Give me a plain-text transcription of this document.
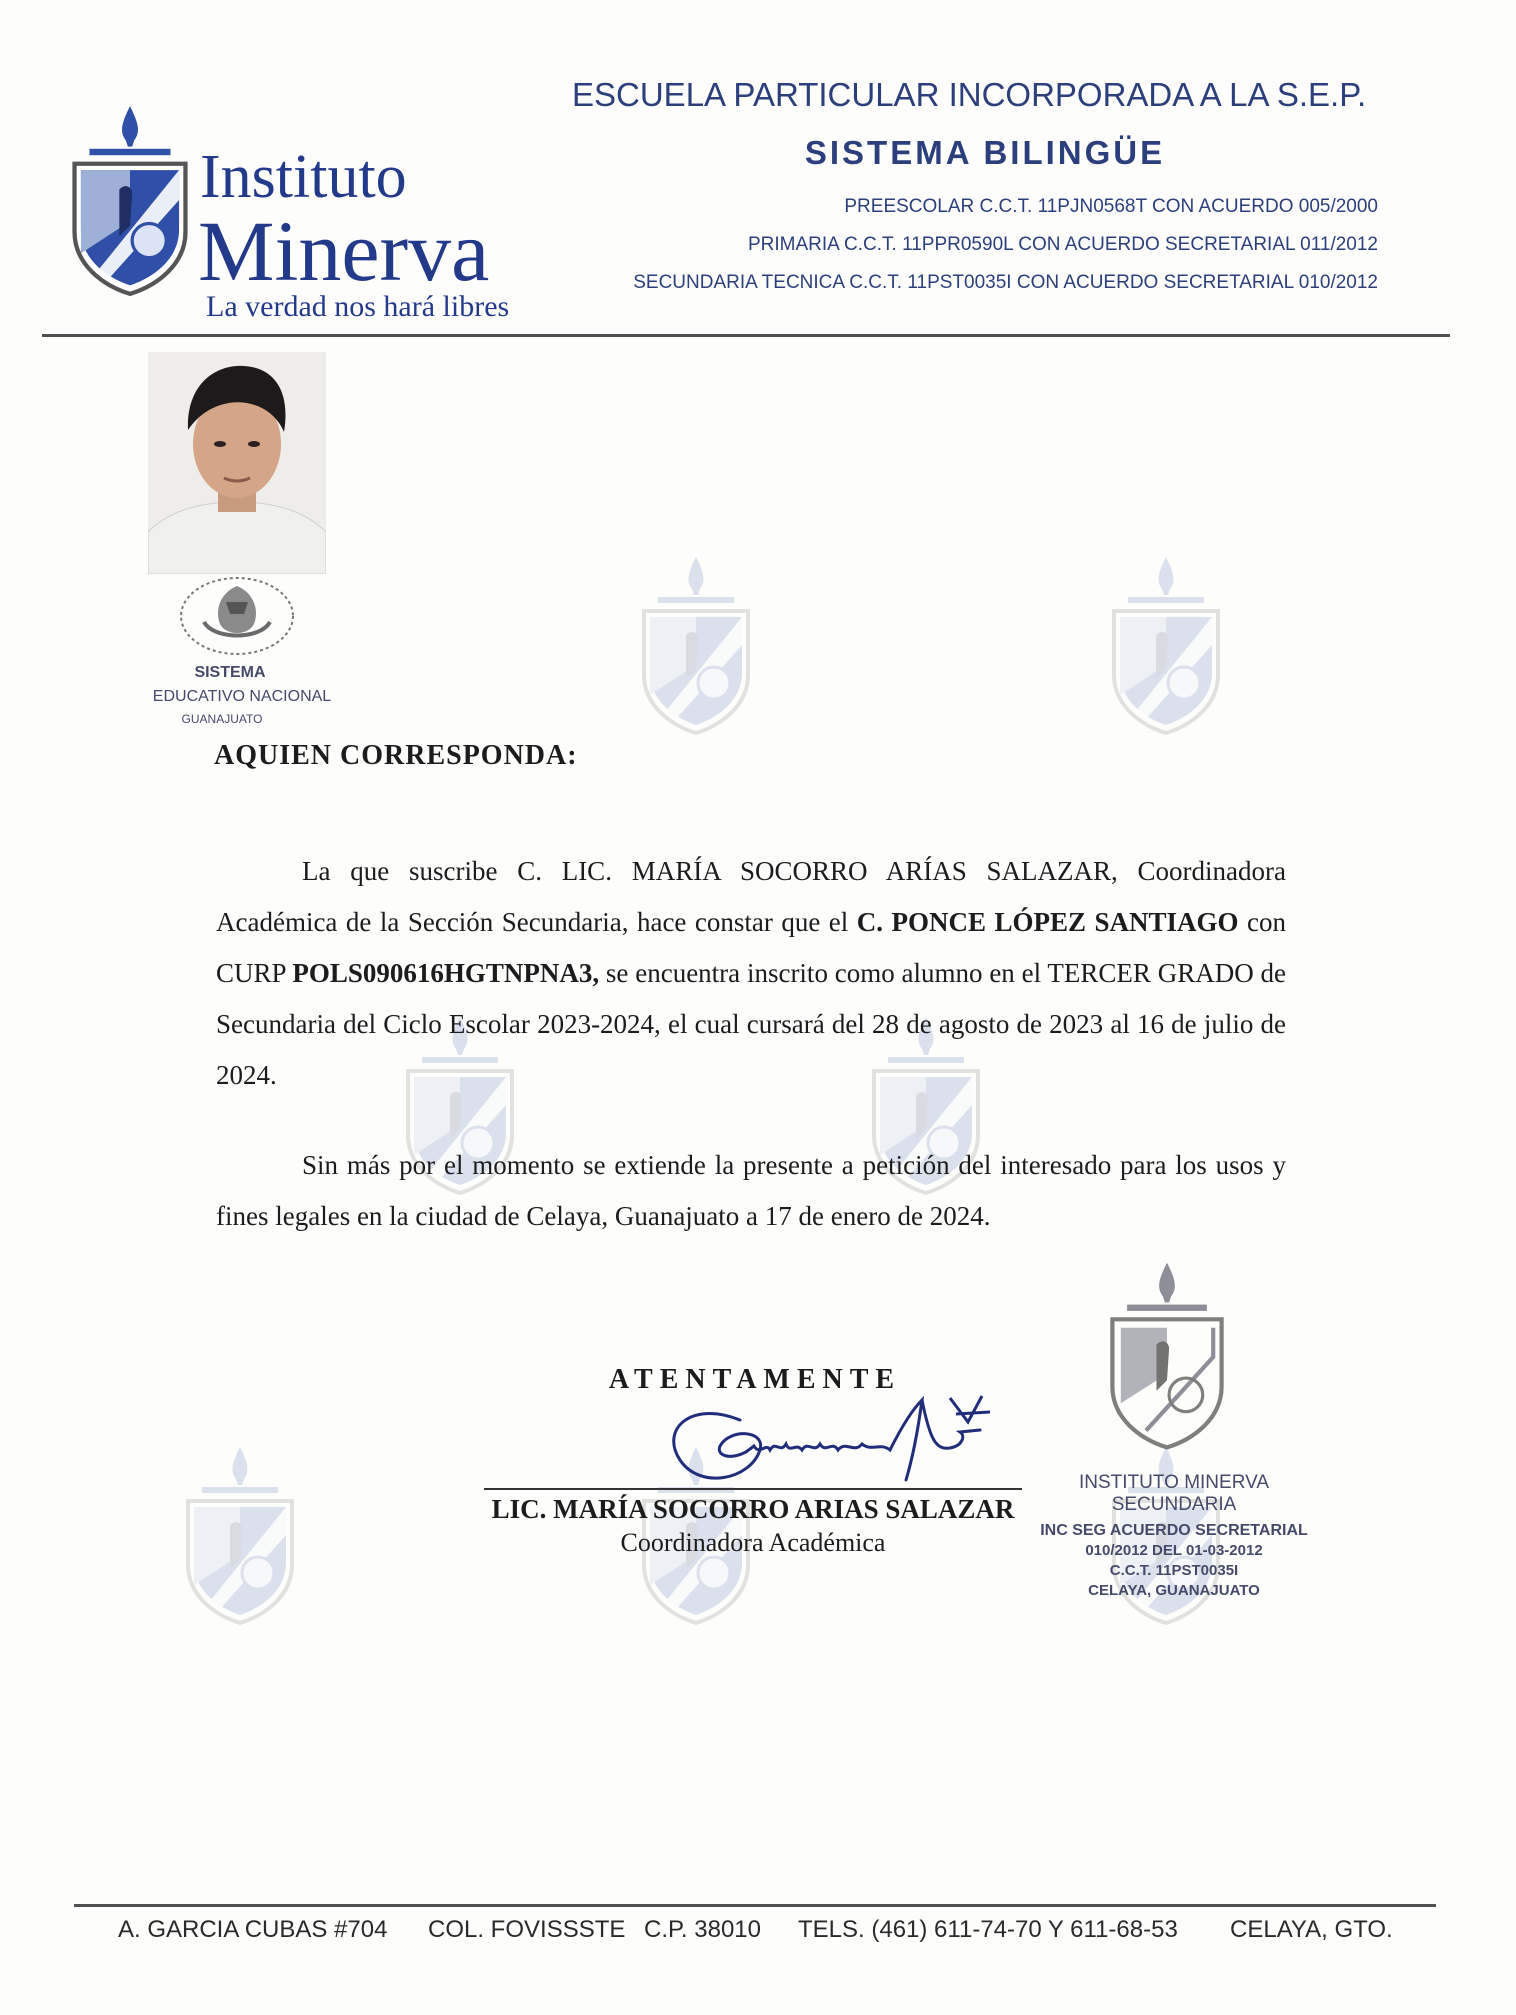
Instituto
Minerva
La verdad nos hará libres
ESCUELA PARTICULAR INCORPORADA A LA S.E.P.
SISTEMA BILINGÜE
PREESCOLAR C.C.T. 11PJN0568T CON ACUERDO 005/2000
PRIMARIA C.C.T. 11PPR0590L CON ACUERDO SECRETARIAL 011/2012
SECUNDARIA TECNICA C.C.T. 11PST0035I CON ACUERDO SECRETARIAL 010/2012
SISTEMA
EDUCATIVO NACIONAL
GUANAJUATO
AQUIEN CORRESPONDA:
La que suscribe C. LIC. MARÍA SOCORRO ARÍAS SALAZAR, Coordinadora Académica de la Sección Secundaria, hace constar que el C. PONCE LÓPEZ SANTIAGO con CURP POLS090616HGTNPNA3, se encuentra inscrito como alumno en el TERCER GRADO de Secundaria del Ciclo Escolar 2023-2024, el cual cursará del 28 de agosto de 2023 al 16 de julio de 2024.
Sin más por el momento se extiende la presente a petición del interesado para los usos y fines legales en la ciudad de Celaya, Guanajuato a 17 de enero de 2024.
ATENTAMENTE
LIC. MARÍA SOCORRO ARIAS SALAZAR
Coordinadora Académica
INSTITUTO MINERVA
SECUNDARIA
INC SEG ACUERDO SECRETARIAL
010/2012 DEL 01-03-2012
C.C.T. 11PST0035I
CELAYA, GUANAJUATO
A. GARCIA CUBAS #704 COL. FOVISSSTE C.P. 38010 TELS. (461) 611-74-70 Y 611-68-53 CELAYA, GTO.
